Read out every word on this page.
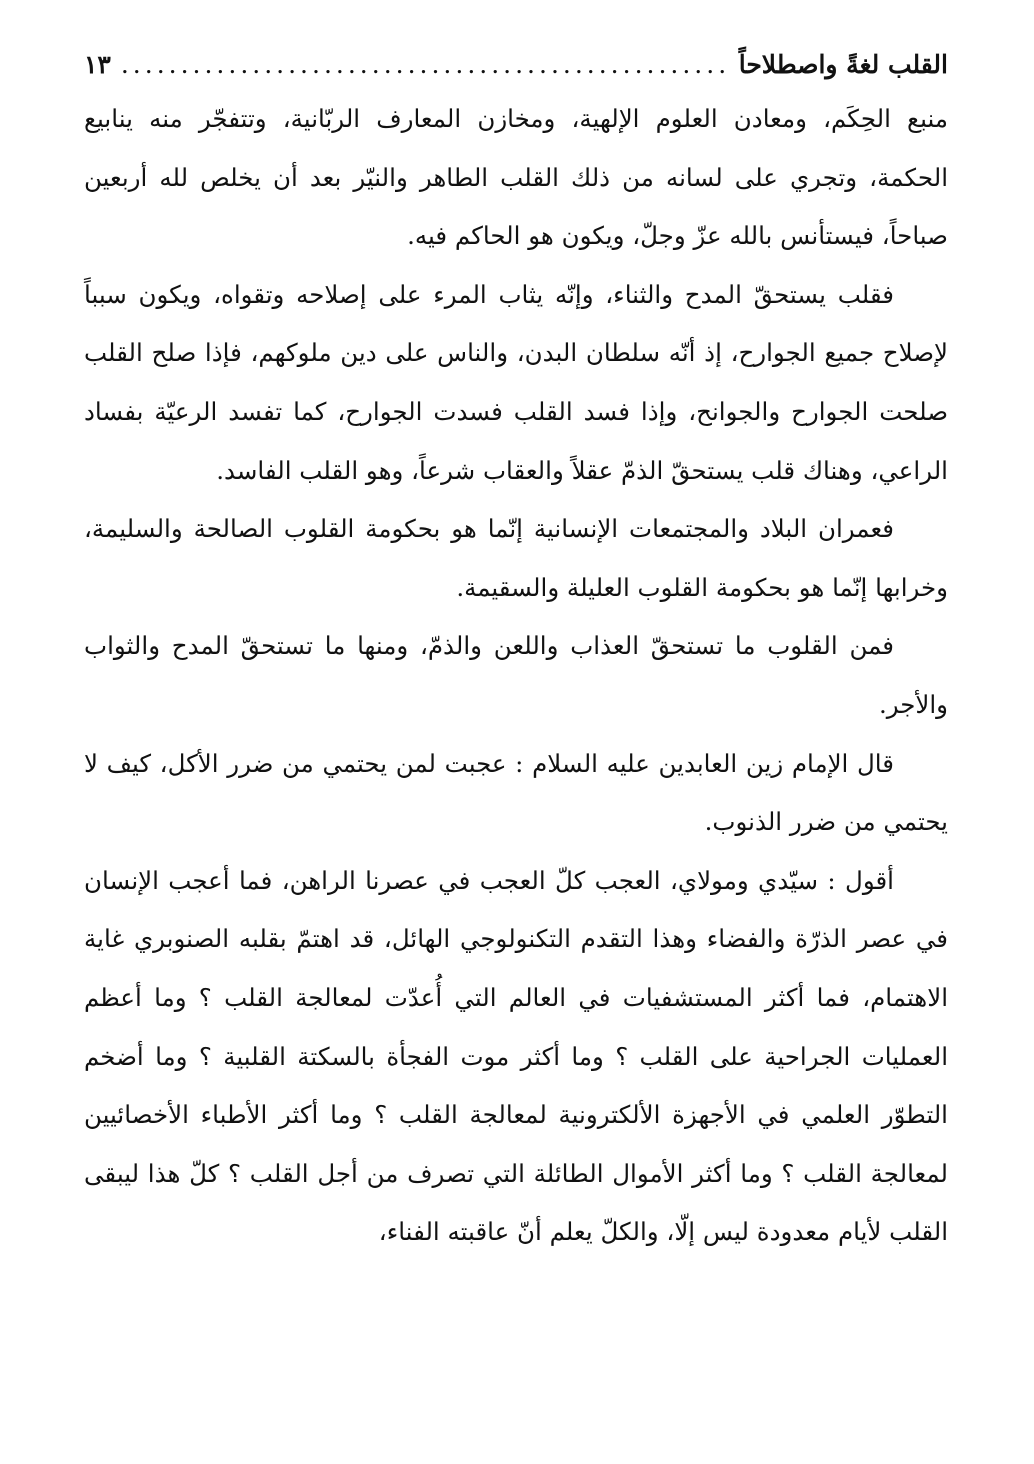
القلب لغةً واصطلاحاً
.....
١٣

منبع الحِكَم، ومعادن العلوم الإلهية، ومخازن المعارف الربّانية، وتتفجّر منه ينابيع الحكمة، وتجري على لسانه من ذلك القلب الطاهر والنيّر بعد أن يخلص لله أربعين صباحاً، فيستأنس بالله عزّ وجلّ، ويكون هو الحاكم فيه.

فقلب يستحقّ المدح والثناء، وإنّه يثاب المرء على إصلاحه وتقواه، ويكون سبباً لإصلاح جميع الجوارح، إذ أنّه سلطان البدن، والناس على دين ملوكهم، فإذا صلح القلب صلحت الجوارح والجوانح، وإذا فسد القلب فسدت الجوارح، كما تفسد الرعيّة بفساد الراعي، وهناك قلب يستحقّ الذمّ عقلاً والعقاب شرعاً، وهو القلب الفاسد.

فعمران البلاد والمجتمعات الإنسانية إنّما هو بحكومة القلوب الصالحة والسليمة، وخرابها إنّما هو بحكومة القلوب العليلة والسقيمة.

فمن القلوب ما تستحقّ العذاب واللعن والذمّ، ومنها ما تستحقّ المدح والثواب والأجر.

قال الإمام زين العابدين عليه السلام : عجبت لمن يحتمي من ضرر الأكل، كيف لا يحتمي من ضرر الذنوب.

أقول : سيّدي ومولاي، العجب كلّ العجب في عصرنا الراهن، فما أعجب الإنسان في عصر الذرّة والفضاء وهذا التقدم التكنولوجي الهائل، قد اهتمّ بقلبه الصنوبري غاية الاهتمام، فما أكثر المستشفيات في العالم التي أُعدّت لمعالجة القلب ؟ وما أعظم العمليات الجراحية على القلب ؟ وما أكثر موت الفجأة بالسكتة القلبية ؟ وما أضخم التطوّر العلمي في الأجهزة الألكترونية لمعالجة القلب ؟ وما أكثر الأطباء الأخصائيين لمعالجة القلب ؟ وما أكثر الأموال الطائلة التي تصرف من أجل القلب ؟ كلّ هذا ليبقى القلب لأيام معدودة ليس إلّا، والكلّ يعلم أنّ عاقبته الفناء،
